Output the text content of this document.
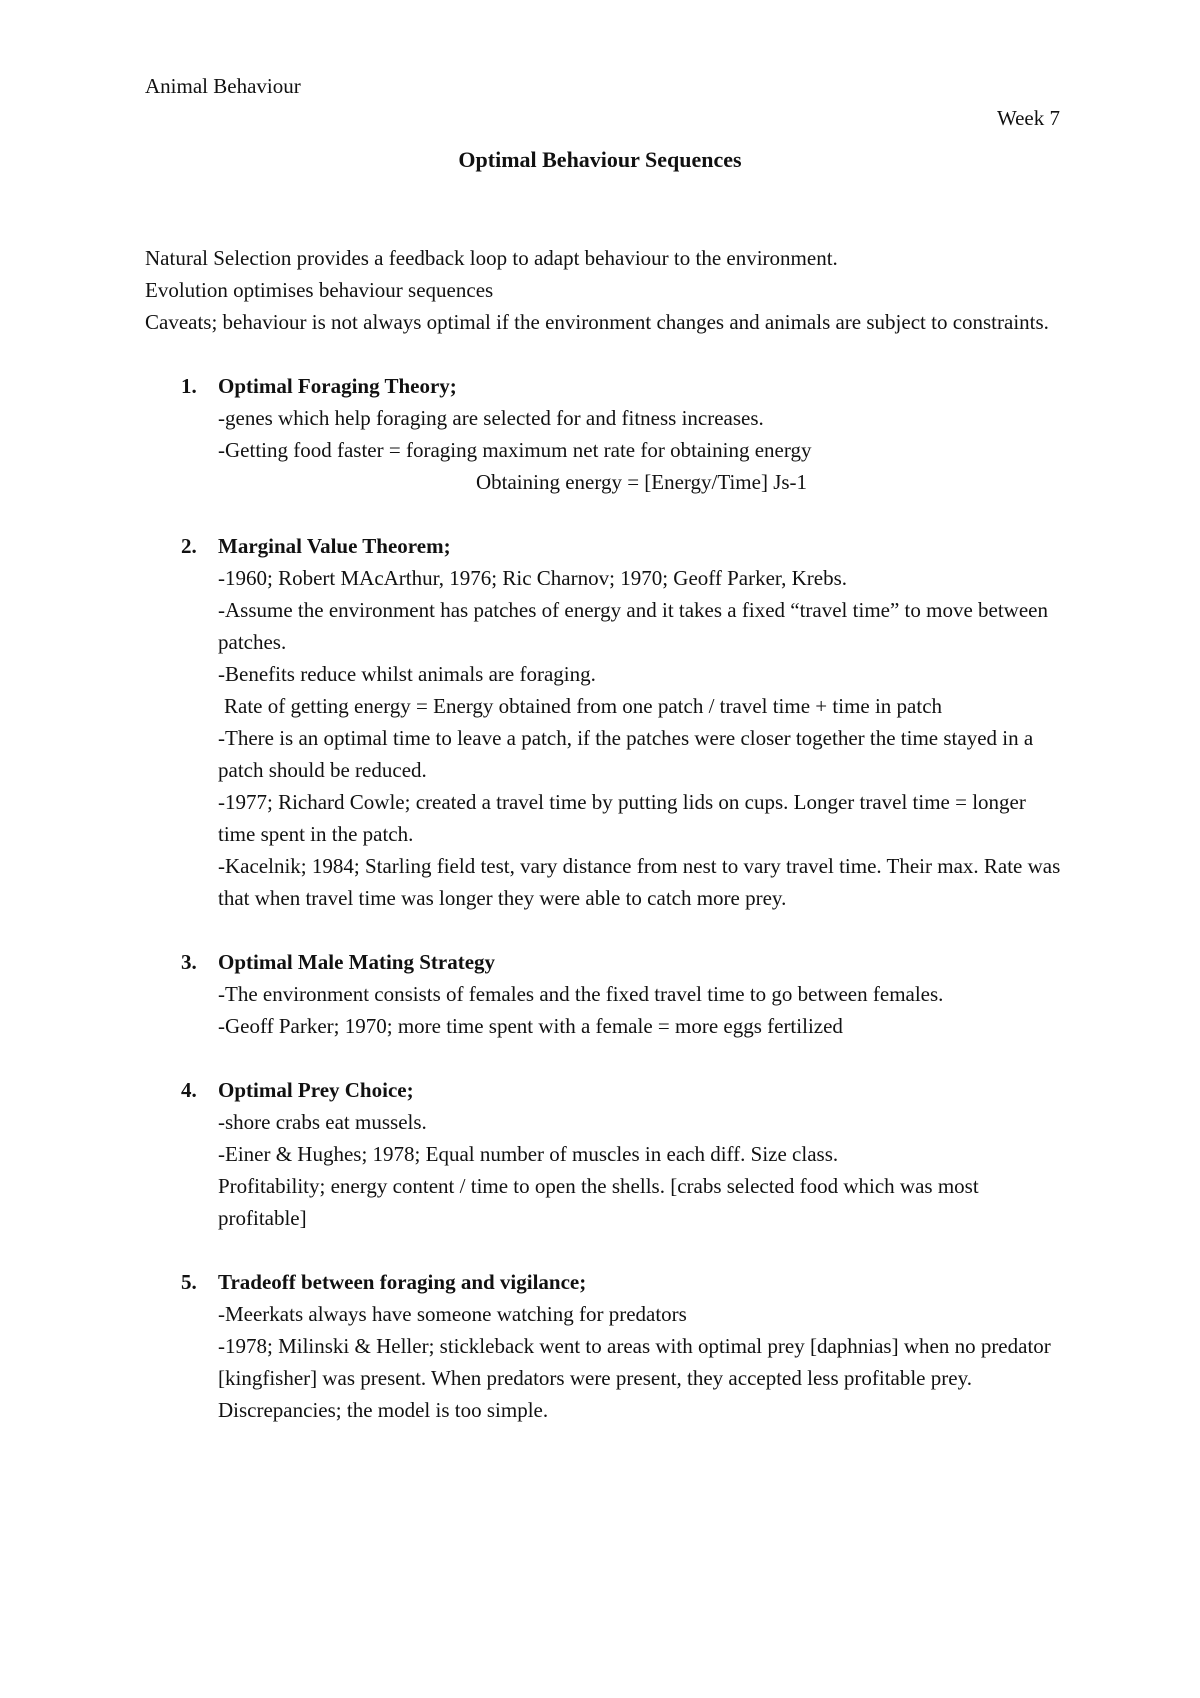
Animal Behaviour
Week 7
Optimal Behaviour Sequences

Natural Selection provides a feedback loop to adapt behaviour to the environment.

Evolution optimises behaviour sequences

Caveats; behaviour is not always optimal if the environment changes and animals are subject to constraints.

1. Optimal Foraging Theory;

-genes which help foraging are selected for and fitness increases.

-Getting food faster = foraging maximum net rate for obtaining energy

Obtaining energy = [Energy/Time] Js-1

2. Marginal Value Theorem;

-1960; Robert MAcArthur, 1976; Ric Charnov; 1970; Geoff Parker, Krebs.

-Assume the environment has patches of energy and it takes a fixed “travel time” to move between patches.

-Benefits reduce whilst animals are foraging.

Rate of getting energy = Energy obtained from one patch / travel time + time in patch

-There is an optimal time to leave a patch, if the patches were closer together the time stayed in a patch should be reduced.

-1977; Richard Cowle; created a travel time by putting lids on cups. Longer travel time = longer time spent in the patch.

-Kacelnik; 1984; Starling field test, vary distance from nest to vary travel time. Their max. Rate was that when travel time was longer they were able to catch more prey.

3. Optimal Male Mating Strategy

-The environment consists of females and the fixed travel time to go between females.

-Geoff Parker; 1970; more time spent with a female = more eggs fertilized

4. Optimal Prey Choice;

-shore crabs eat mussels.

-Einer & Hughes; 1978; Equal number of muscles in each diff. Size class.

Profitability; energy content / time to open the shells. [crabs selected food which was most profitable]

5. Tradeoff between foraging and vigilance;

-Meerkats always have someone watching for predators

-1978; Milinski & Heller; stickleback went to areas with optimal prey [daphnias] when no predator [kingfisher] was present. When predators were present, they accepted less profitable prey. Discrepancies; the model is too simple.
